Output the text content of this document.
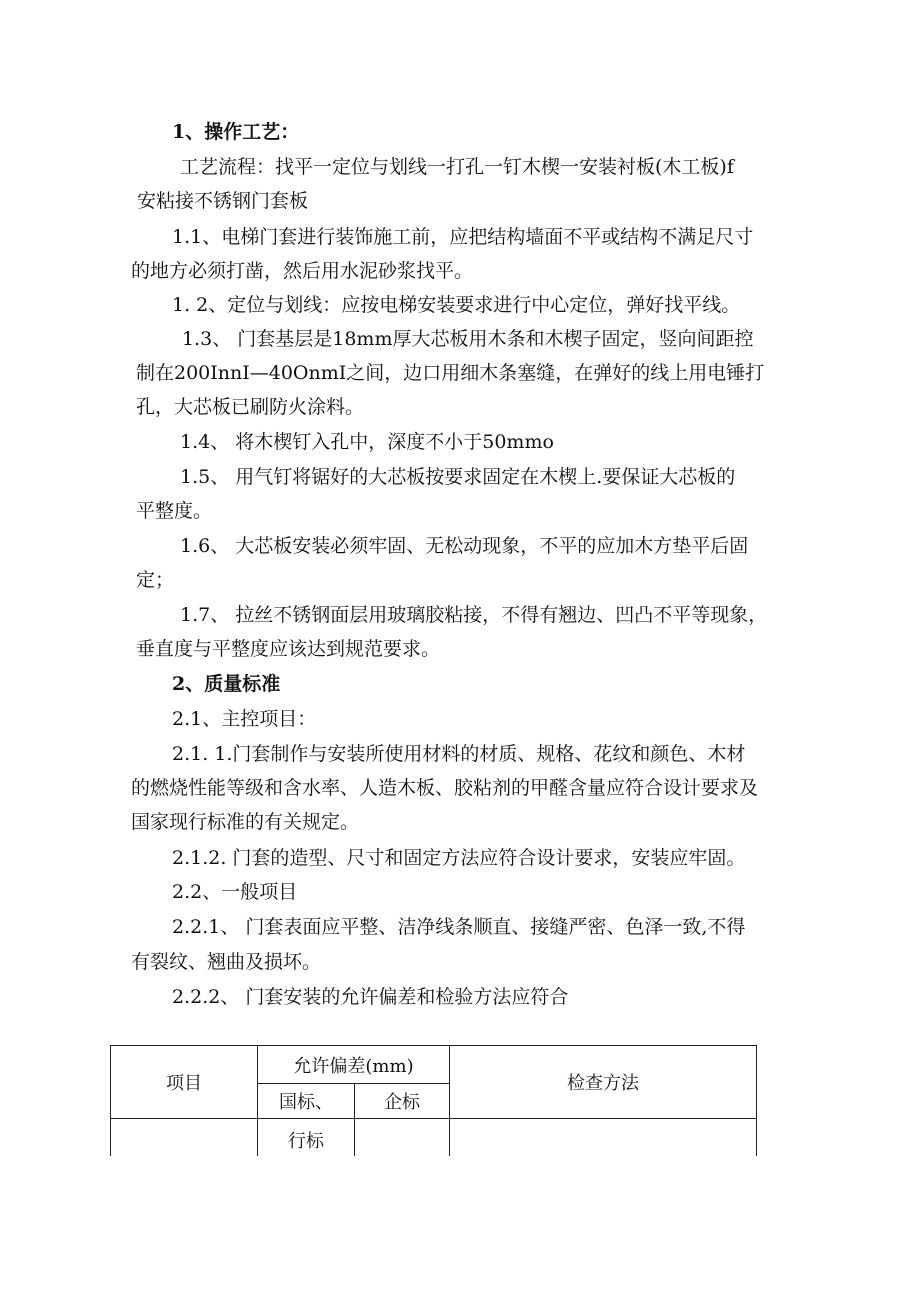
1、操作工艺：
工艺流程：找平一定位与划线一打孔一钉木楔一安装衬板(木工板)f
安粘接不锈钢门套板
1.1、电梯门套进行装饰施工前，应把结构墙面不平或结构不满足尺寸
的地方必须打凿，然后用水泥砂浆找平。
1. 2、定位与划线：应按电梯安装要求进行中心定位，弹好找平线。
1.3、 门套基层是18mm厚大芯板用木条和木楔子固定，竖向间距控
制在200InnI—40OnmI之间，边口用细木条塞缝，在弹好的线上用电锤打
孔，大芯板已刷防火涂料。
1.4、 将木楔钉入孔中，深度不小于50mmo
1.5、 用气钉将锯好的大芯板按要求固定在木楔上.要保证大芯板的
平整度。
1.6、 大芯板安装必须牢固、无松动现象，不平的应加木方垫平后固
定；
1.7、 拉丝不锈钢面层用玻璃胶粘接，不得有翘边、凹凸不平等现象，
垂直度与平整度应该达到规范要求。
2、质量标准
2.1、主控项目：
2.1. 1.门套制作与安装所使用材料的材质、规格、花纹和颜色、木材
的燃烧性能等级和含水率、人造木板、胶粘剂的甲醛含量应符合设计要求及
国家现行标准的有关规定。
2.1.2. 门套的造型、尺寸和固定方法应符合设计要求，安装应牢固。
2.2、一般项目
2.2.1、 门套表面应平整、洁净线条顺直、接缝严密、色泽一致,不得
有裂纹、翘曲及损坏。
2.2.2、 门套安装的允许偏差和检验方法应符合
项目	允许偏差(mm)		检查方法
	国标、	企标	
	行标		
